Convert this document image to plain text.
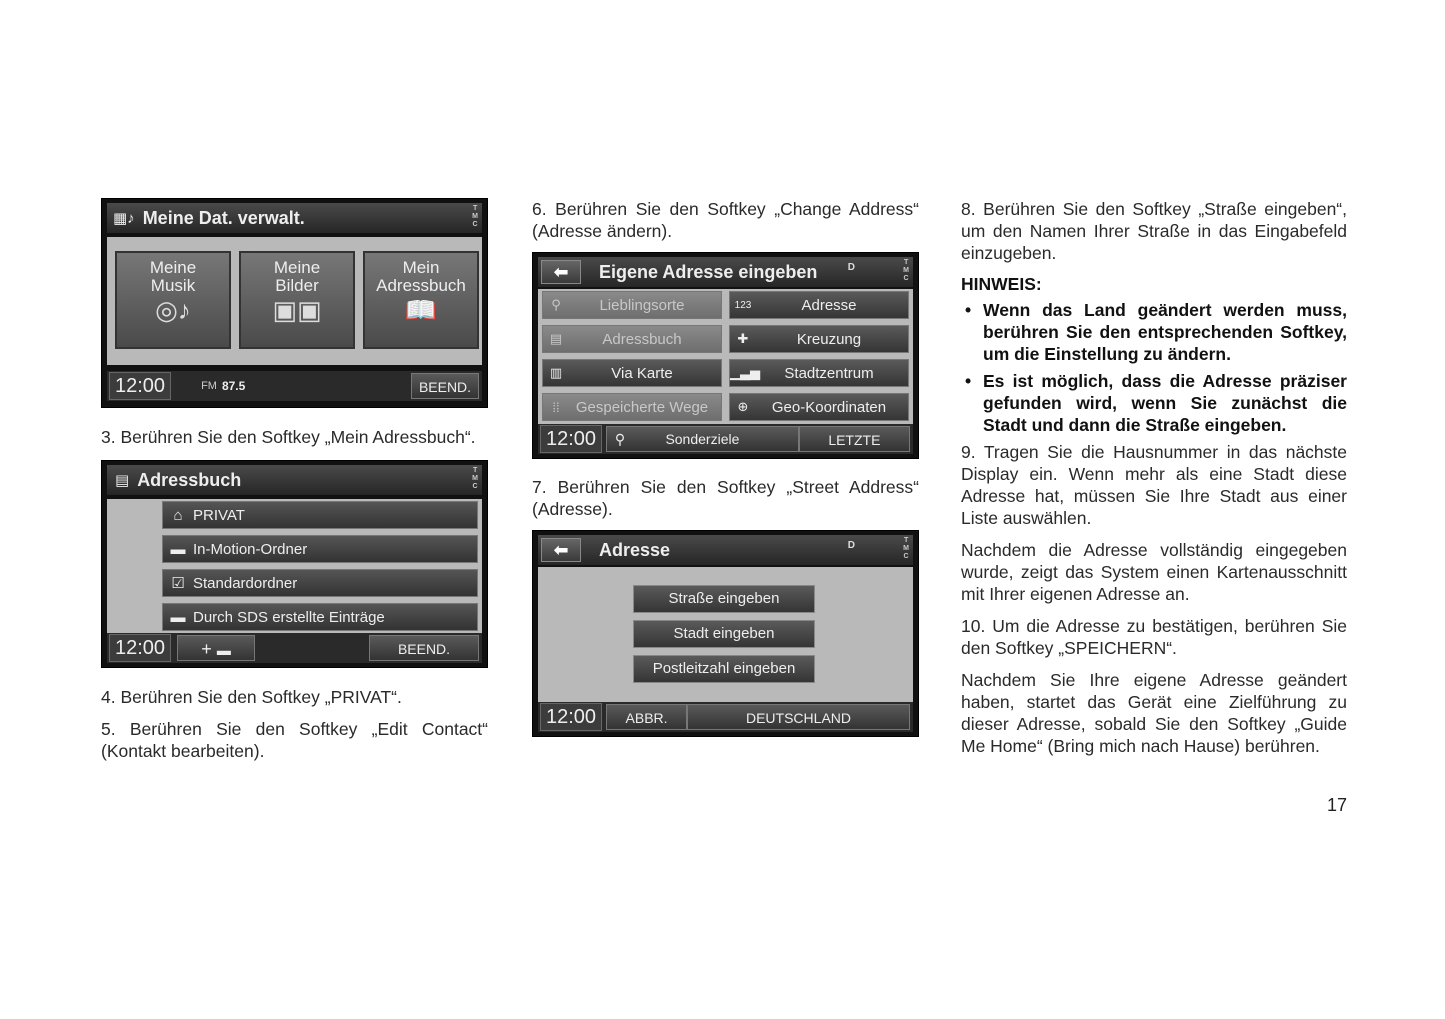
▦♪ Meine Dat. verwalt.	T
M
C
Meine
Musik
◎♪
Meine
Bilder
▣▣
Mein
Adressbuch
📖
12:00	FM 87.5	BEEND.

3. Berühren Sie den Softkey „Mein Adressbuch“.

▤ Adressbuch	T
M
C
⌂ PRIVAT
▬ In-Motion-Ordner
☑ Standardordner
▬ Durch SDS erstellte Einträge
12:00	+ ▬	BEEND.

4. Berühren Sie den Softkey „PRIVAT“.

5. Berühren Sie den Softkey „Edit Contact“ (Kontakt bearbeiten).

6. Berühren Sie den Softkey „Change Address“ (Adresse ändern).

⬅	Eigene Adresse eingeben	D	T
M
C
⚲	Lieblingsorte
▤	Adressbuch
▥	Via Karte
⁞⁞	Gespeicherte Wege
123	Adresse
✚	Kreuzung
▁▃▅	Stadtzentrum
⊕	Geo-Koordinaten
12:00	⚲	Sonderziele	LETZTE

7. Berühren Sie den Softkey „Street Address“ (Adresse).

⬅	Adresse	D	T
M
C
Straße eingeben
Stadt eingeben
Postleitzahl eingeben
12:00	ABBR.	DEUTSCHLAND

8. Berühren Sie den Softkey „Straße eingeben“, um den Namen Ihrer Straße in das Eingabefeld einzugeben.

HINWEIS:

• Wenn das Land geändert werden muss, berühren Sie den entsprechenden Softkey, um die Einstellung zu ändern.
• Es ist möglich, dass die Adresse präziser gefunden wird, wenn Sie zunächst die Stadt und dann die Straße eingeben.

9. Tragen Sie die Hausnummer in das nächste Display ein. Wenn mehr als eine Stadt diese Adresse hat, müssen Sie Ihre Stadt aus einer Liste auswählen.

Nachdem die Adresse vollständig eingegeben wurde, zeigt das System einen Kartenausschnitt mit Ihrer eigenen Adresse an.

10. Um die Adresse zu bestätigen, berühren Sie den Softkey „SPEICHERN“.

Nachdem Sie Ihre eigene Adresse geändert haben, startet das Gerät eine Zielführung zu dieser Adresse, sobald Sie den Softkey „Guide Me Home“ (Bring mich nach Hause) berühren.

17
